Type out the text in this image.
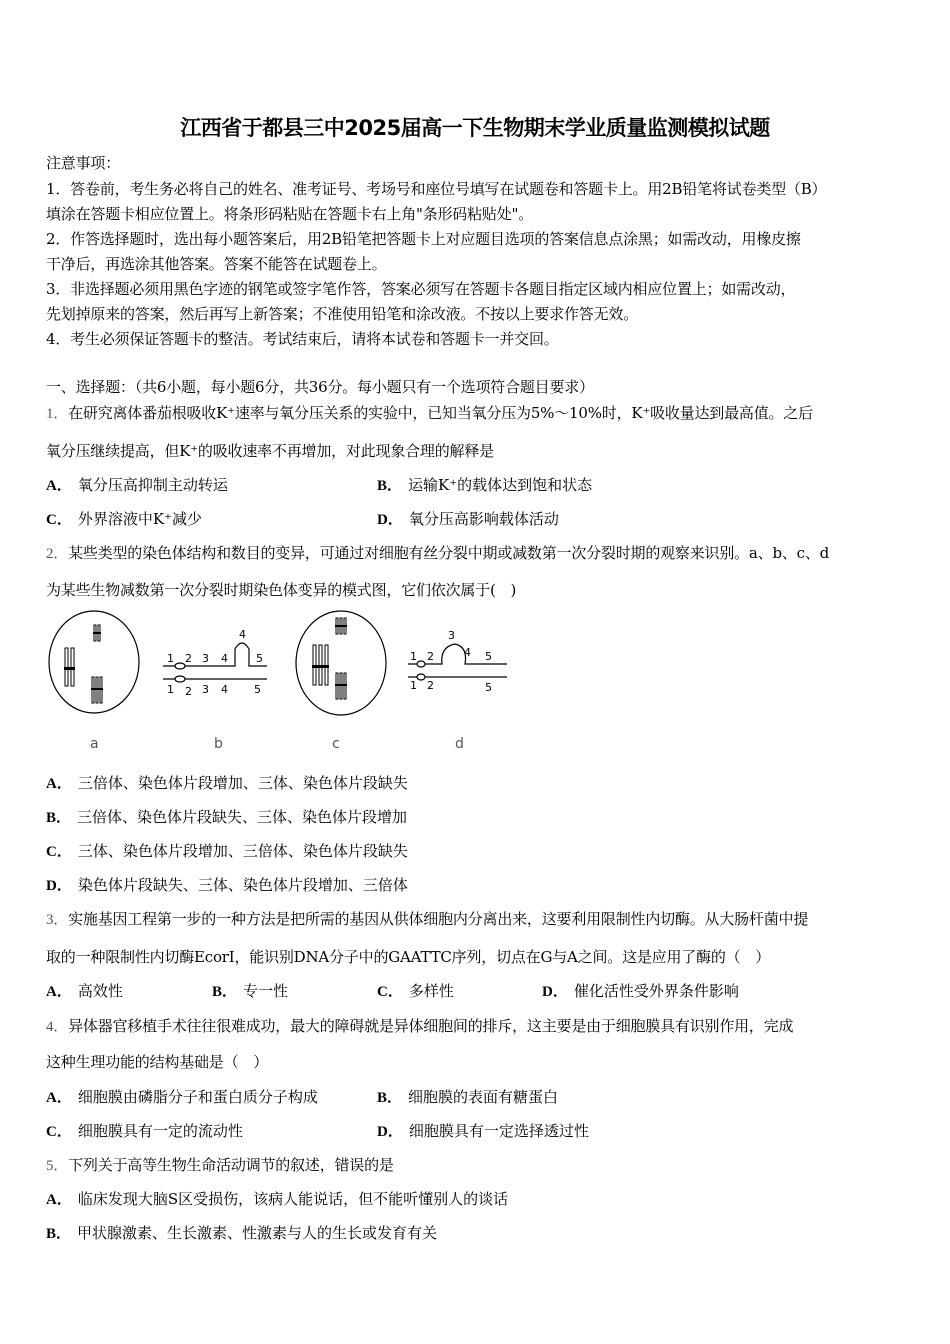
江西省于都县三中2025届高一下生物期末学业质量监测模拟试题
注意事项：
1．答卷前，考生务必将自己的姓名、准考证号、考场号和座位号填写在试题卷和答题卡上。用2B铅笔将试卷类型（B）
填涂在答题卡相应位置上。将条形码粘贴在答题卡右上角"条形码粘贴处"。
2．作答选择题时，选出每小题答案后，用2B铅笔把答题卡上对应题目选项的答案信息点涂黑；如需改动，用橡皮擦
干净后，再选涂其他答案。答案不能答在试题卷上。
3．非选择题必须用黑色字迹的钢笔或签字笔作答，答案必须写在答题卡各题目指定区域内相应位置上；如需改动，
先划掉原来的答案，然后再写上新答案；不准使用铅笔和涂改液。不按以上要求作答无效。
4．考生必须保证答题卡的整洁。考试结束后，请将本试卷和答题卡一并交回。
一、选择题：（共6小题，每小题6分，共36分。每小题只有一个选项符合题目要求）
1．在研究离体番茄根吸收K⁺速率与氧分压关系的实验中，已知当氧分压为5%～10%时，K⁺吸收量达到最高值。之后
氧分压继续提高，但K⁺的吸收速率不再增加，对此现象合理的解释是
A． 氧分压高抑制主动转运	B． 运输K⁺的载体达到饱和状态
C． 外界溶液中K⁺减少	D． 氧分压高影响载体活动
2．某些类型的染色体结构和数目的变异，可通过对细胞有丝分裂中期或减数第一次分裂时期的观察来识别。a、b、c、d
为某些生物减数第一次分裂时期染色体变异的模式图，它们依次属于(　)
1 2 3 4
4
5
1 2 3 4 5
1 2
3
4 5
1 2	5
a	b	c	d
A． 三倍体、染色体片段增加、三体、染色体片段缺失
B． 三倍体、染色体片段缺失、三体、染色体片段增加
C． 三体、染色体片段增加、三倍体、染色体片段缺失
D． 染色体片段缺失、三体、染色体片段增加、三倍体
3．实施基因工程第一步的一种方法是把所需的基因从供体细胞内分离出来，这要利用限制性内切酶。从大肠杆菌中提
取的一种限制性内切酶EcorI，能识别DNA分子中的GAATTC序列，切点在G与A之间。这是应用了酶的（　）
A． 高效性	B． 专一性	C． 多样性	D． 催化活性受外界条件影响
4．异体器官移植手术往往很难成功，最大的障碍就是异体细胞间的排斥，这主要是由于细胞膜具有识别作用，完成
这种生理功能的结构基础是（　）
A． 细胞膜由磷脂分子和蛋白质分子构成	B． 细胞膜的表面有糖蛋白
C． 细胞膜具有一定的流动性	D． 细胞膜具有一定选择透过性
5．下列关于高等生物生命活动调节的叙述，错误的是
A． 临床发现大脑S区受损伤，该病人能说话，但不能听懂别人的谈话
B． 甲状腺激素、生长激素、性激素与人的生长或发育有关
